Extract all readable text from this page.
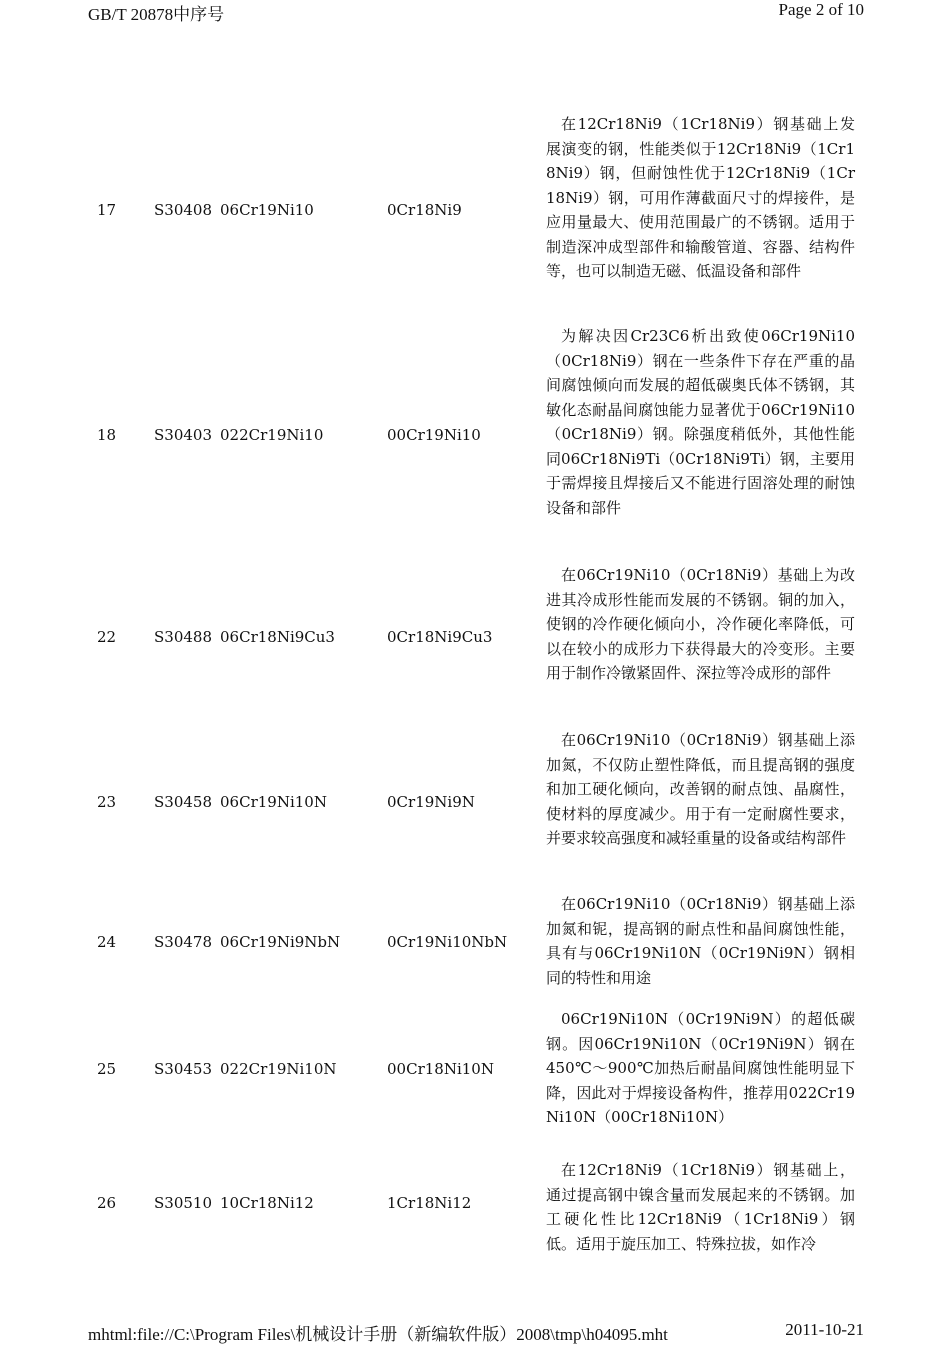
GB/T 20878中序号	Page 2 of 10
17	S30408 06Cr19Ni10	0Cr18Ni9
在12Cr18Ni9（1Cr18Ni9）钢基础上发展演变的钢，性能类似于12Cr18Ni9（1Cr18Ni9）钢，但耐蚀性优于12Cr18Ni9（1Cr18Ni9）钢，可用作薄截面尺寸的焊接件，是应用量最大、使用范围最广的不锈钢。适用于制造深冲成型部件和输酸管道、容器、结构件等，也可以制造无磁、低温设备和部件
18	S30403 022Cr19Ni10	00Cr19Ni10
为解决因Cr23C6析出致使06Cr19Ni10（0Cr18Ni9）钢在一些条件下存在严重的晶间腐蚀倾向而发展的超低碳奥氏体不锈钢，其敏化态耐晶间腐蚀能力显著优于06Cr19Ni10（0Cr18Ni9）钢。除强度稍低外，其他性能同06Cr18Ni9Ti（0Cr18Ni9Ti）钢，主要用于需焊接且焊接后又不能进行固溶处理的耐蚀设备和部件
22	S30488 06Cr18Ni9Cu3	0Cr18Ni9Cu3
在06Cr19Ni10（0Cr18Ni9）基础上为改进其冷成形性能而发展的不锈钢。铜的加入，使钢的冷作硬化倾向小，冷作硬化率降低，可以在较小的成形力下获得最大的冷变形。主要用于制作冷镦紧固件、深拉等冷成形的部件
23	S30458 06Cr19Ni10N	0Cr19Ni9N
在06Cr19Ni10（0Cr18Ni9）钢基础上添加氮，不仅防止塑性降低，而且提高钢的强度和加工硬化倾向，改善钢的耐点蚀、晶腐性，使材料的厚度减少。用于有一定耐腐性要求，并要求较高强度和减轻重量的设备或结构部件
24	S30478 06Cr19Ni9NbN	0Cr19Ni10NbN
在06Cr19Ni10（0Cr18Ni9）钢基础上添加氮和铌，提高钢的耐点性和晶间腐蚀性能，具有与06Cr19Ni10N（0Cr19Ni9N）钢相同的特性和用途
25	S30453 022Cr19Ni10N	00Cr18Ni10N
06Cr19Ni10N（0Cr19Ni9N）的超低碳钢。因06Cr19Ni10N（0Cr19Ni9N）钢在450℃～900℃加热后耐晶间腐蚀性能明显下降，因此对于焊接设备构件，推荐用022Cr19Ni10N（00Cr18Ni10N）
26	S30510 10Cr18Ni12	1Cr18Ni12
在12Cr18Ni9（1Cr18Ni9）钢基础上，通过提高钢中镍含量而发展起来的不锈钢。加工硬化性比12Cr18Ni9（1Cr18Ni9）钢低。适用于旋压加工、特殊拉拔，如作冷
mhtml:file://C:\Program Files\机械设计手册（新编软件版）2008\tmp\h04095.mht	2011-10-21
